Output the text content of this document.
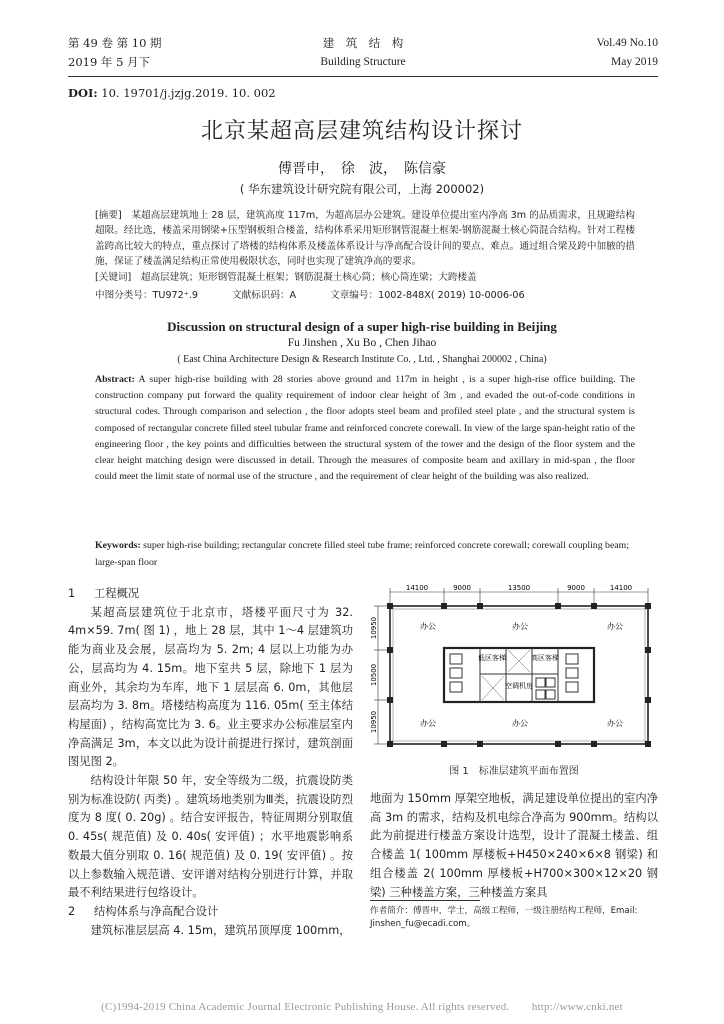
第 49 卷 第 10 期
2019 年 5 月下
建　筑　结　构
Building Structure
Vol.49 No.10
May 2019
DOI: 10. 19701/j.jzjg.2019. 10. 002
北京某超高层建筑结构设计探讨
傅晋申，　徐　波，　陈信豪
( 华东建筑设计研究院有限公司，上海 200002)
[摘要]　某超高层建筑地上 28 层，建筑高度 117m，为超高层办公建筑。建设单位提出室内净高 3m 的品质需求，且规避结构超限。经比选，楼盖采用钢梁+压型钢板组合楼盖，结构体系采用矩形钢管混凝土框架-钢筋混凝土核心筒混合结构。针对工程楼盖跨高比较大的特点，重点探讨了塔楼的结构体系及楼盖体系设计与净高配合设计间的要点、难点。通过组合梁及跨中加腋的措施，保证了楼盖满足结构正常使用极限状态，同时也实现了建筑净高的要求。
[关键词]　超高层建筑；矩形钢管混凝土框架；钢筋混凝土核心筒；核心筒连梁；大跨楼盖
中图分类号：TU972⁺.9	文献标识码：A	文章编号：1002-848X( 2019) 10-0006-06
Discussion on structural design of a super high-rise building in Beijing
Fu Jinshen , Xu Bo , Chen Jihao
( East China Architecture Design & Research Institute Co. , Ltd. , Shanghai 200002 , China)
Abstract: A super high-rise building with 28 stories above ground and 117m in height , is a super high-rise office building. The construction company put forward the quality requirement of indoor clear height of 3m , and evaded the out-of-code conditions in structural codes. Through comparison and selection , the floor adopts steel beam and profiled steel plate , and the structural system is composed of rectangular concrete filled steel tubular frame and reinforced concrete corewall. In view of the large span-height ratio of the engineering floor , the key points and difficulties between the structural system of the tower and the design of the floor system and the clear height matching design were discussed in detail. Through the measures of composite beam and axillary in mid-span , the floor could meet the limit state of normal use of the structure , and the requirement of clear height of the building was also realized.
Keywords: super high-rise building; rectangular concrete filled steel tube frame; reinforced concrete corewall; corewall coupling beam; large-span floor
1 工程概况

某超高层建筑位于北京市，塔楼平面尺寸为 32. 4m×59. 7m( 图 1) ，地上 28 层，其中 1～4 层建筑功能为商业及会展，层高均为 5. 2m; 4 层以上功能为办公，层高均为 4. 15m。地下室共 5 层，除地下 1 层为商业外，其余均为车库，地下 1 层层高 6. 0m，其他层层高均为 3. 8m。塔楼结构高度为 116. 05m( 至主体结构屋面) ，结构高宽比为 3. 6。业主要求办公标准层室内净高满足 3m，本文以此为设计前提进行探讨，建筑剖面图见图 2。

结构设计年限 50 年，安全等级为二级，抗震设防类别为标准设防( 丙类) 。建筑场地类别为Ⅲ类，抗震设防烈度为 8 度( 0. 20g) 。结合安评报告，特征周期分别取值 0. 45s( 规范值) 及 0. 40s( 安评值) ；水平地震影响系数最大值分别取 0. 16( 规范值) 及 0. 19( 安评值) 。按以上参数输入规范谱、安评谱对结构分别进行计算，并取最不利结果进行包络设计。

2 结构体系与净高配合设计

建筑标准层层高 4. 15m，建筑吊顶厚度 100mm，

14100	9000	13500	9000	14100
10950
10500
10950
低区客梯
空调机房
高区客梯
办公	办公	办公
办公	办公	办公
图 1　标准层建筑平面布置图
地面为 150mm 厚架空地板，满足建设单位提出的室内净高 3m 的需求，结构及机电综合净高为 900mm。结构以此为前提进行楼盖方案设计选型，设计了混凝土楼盖、组合楼盖 1( 100mm 厚楼板+H450×240×6×8 钢梁) 和组合楼盖 2( 100mm 厚楼板+H700×300×12×20 钢梁) 三种楼盖方案，三种楼盖方案具
作者简介：傅晋申，学士，高级工程师，一级注册结构工程师，Email: Jinshen_fu@ecadi.com。
(C)1994-2019 China Academic Journal Electronic Publishing House. All rights reserved.　　http://www.cnki.net
